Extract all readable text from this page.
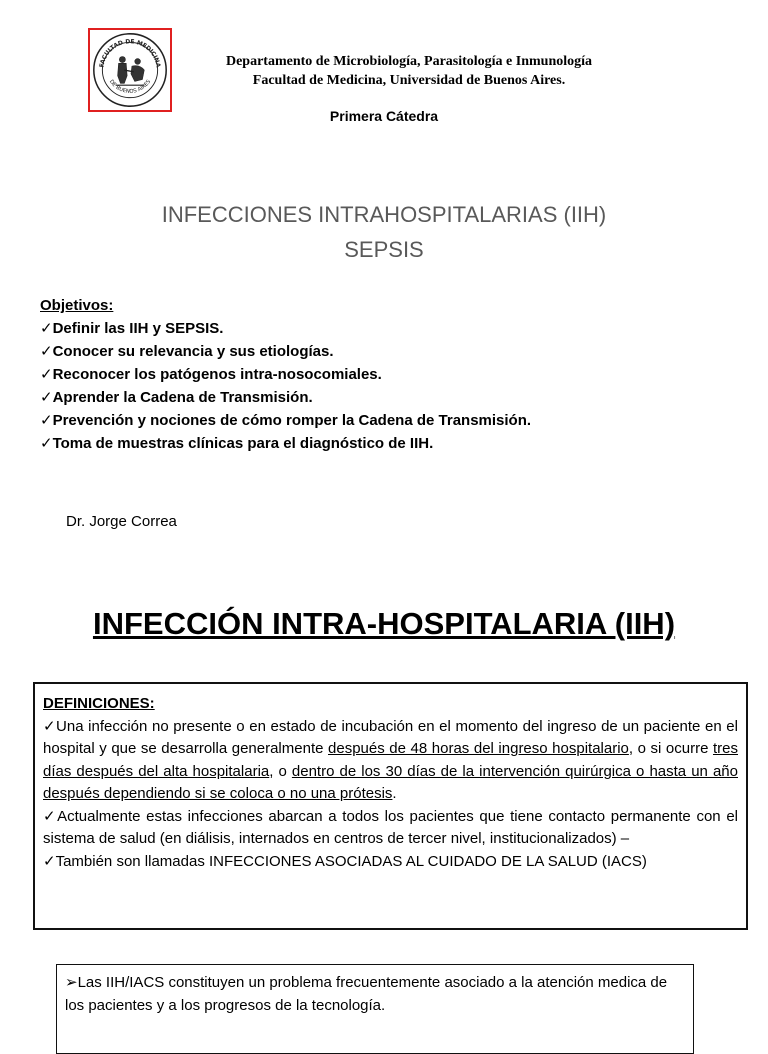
FACULTAD DE MEDICINA
DE BUENOS AIRES
Departamento de Microbiología, Parasitología e Inmunología
Facultad de Medicina, Universidad de Buenos Aires.
Primera Cátedra
INFECCIONES INTRAHOSPITALARIAS (IIH)
SEPSIS
Objetivos:
✓Definir las IIH y SEPSIS.
✓Conocer su relevancia y sus etiologías.
✓Reconocer los patógenos intra-nosocomiales.
✓Aprender la Cadena de Transmisión.
✓Prevención y nociones de cómo romper la Cadena de Transmisión.
✓Toma de muestras clínicas para el diagnóstico de IIH.
Dr. Jorge Correa
INFECCIÓN INTRA-HOSPITALARIA (IIH)

DEFINICIONES:

✓Una infección no presente o en estado de incubación en el momento del ingreso de un paciente en el hospital y que se desarrolla generalmente después de 48 horas del ingreso hospitalario, o si ocurre tres días después del alta hospitalaria, o dentro de los 30 días de la intervención quirúrgica o hasta un año después dependiendo si se coloca o no una prótesis.

✓Actualmente estas infecciones abarcan a todos los pacientes que tiene contacto permanente con el sistema de salud (en diálisis, internados en centros de tercer nivel, institucionalizados) –

✓También son llamadas INFECCIONES ASOCIADAS AL CUIDADO DE LA SALUD (IACS)

➢Las IIH/IACS constituyen un problema frecuentemente asociado a la atención medica de los pacientes y a los progresos de la tecnología.
